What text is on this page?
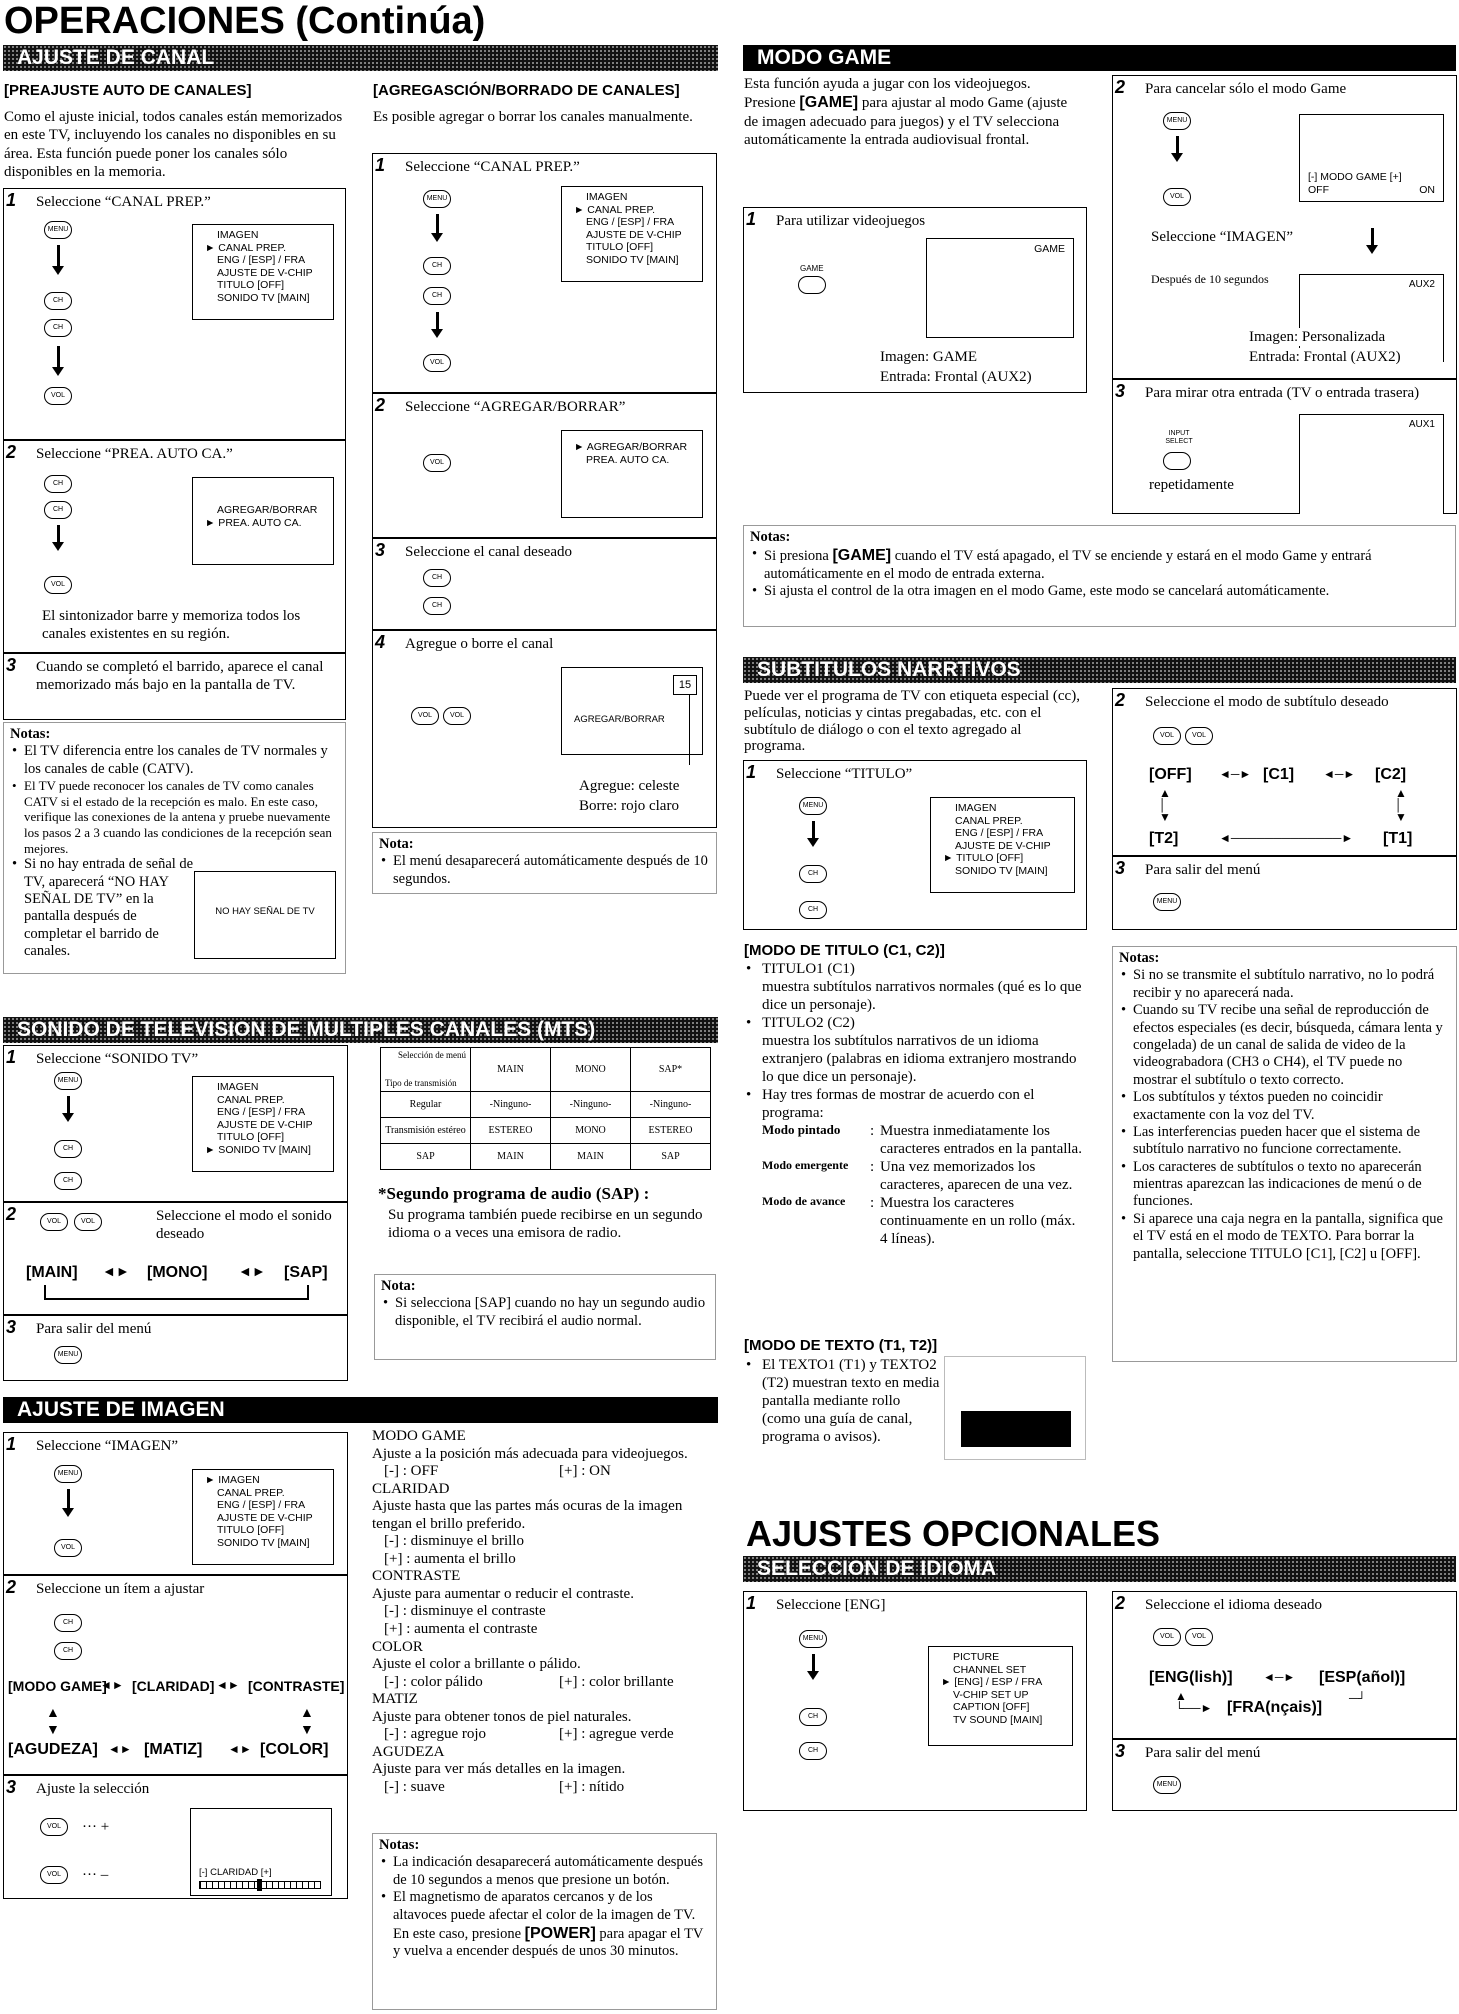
OPERACIONES (Continúa)
AJUSTE DE CANAL
[PREAJUSTE AUTO DE CANALES]
Como el ajuste inicial, todos canales están memorizados en este TV, incluyendo los canales no disponibles en su área. Esta función puede poner los canales sólo disponibles en la memoria.
1 Seleccione “CANAL PREP.”
MENU
CH
CH
VOL
IMAGEN
► CANAL PREP.
ENG / [ESP] / FRA
AJUSTE DE V-CHIP
TITULO [OFF]
SONIDO TV [MAIN]
2 Seleccione “PREA. AUTO CA.”
CH
CH
VOL
AGREGAR/BORRAR
► PREA. AUTO CA.
El sintonizador barre y memoriza todos los canales existentes en su región.
3 Cuando se completó el barrido, aparece el canal memorizado más bajo en la pantalla de TV.
Notas:
• El TV diferencia entre los canales de TV normales y los canales de cable (CATV).
• El TV puede reconocer los canales de TV como canales CATV si el estado de la recepción es malo. En este caso, verifique las conexiones de la antena y pruebe nuevamente los pasos 2 a 3 cuando las condiciones de la recepción sean mejores.
• Si no hay entrada de señal de TV, aparecerá “NO HAY SEÑAL DE TV” en la pantalla después de completar el barrido de canales.
NO HAY SEÑAL DE TV
[AGREGASCIÓN/BORRADO DE CANALES]
Es posible agregar o borrar los canales manualmente.
1 Seleccione “CANAL PREP.”
MENU
CH
CH
VOL
IMAGEN
► CANAL PREP.
ENG / [ESP] / FRA
AJUSTE DE V-CHIP
TITULO [OFF]
SONIDO TV [MAIN]
2 Seleccione “AGREGAR/BORRAR”
VOL
► AGREGAR/BORRAR
PREA. AUTO CA.
3 Seleccione el canal deseado
CH
CH
4 Agregue o borre el canal
VOL	VOL	AGREGAR/BORRAR
15
Agregue: celeste
Borre: rojo claro
Nota:
• El menú desaparecerá automáticamente después de 10 segundos.
SONIDO DE TELEVISION DE MULTIPLES CANALES (MTS)
1 Seleccione “SONIDO TV”
MENU
CH
CH
IMAGEN
CANAL PREP.
ENG / [ESP] / FRA
AJUSTE DE V-CHIP
TITULO [OFF]
► SONIDO TV [MAIN]
2	VOL	VOL	Seleccione el modo el sonido deseado
[MAIN] ◄► [MONO] ◄► [SAP]
3 Para salir del menú
MENU
Selección de menú
Tipo de transmisión	MAIN	MONO	SAP*
Regular	-Ninguno-	-Ninguno-	-Ninguno-
Transmisión estéreo	ESTEREO	MONO	ESTEREO
SAP	MAIN	MAIN	SAP
*Segundo programa de audio (SAP) :
Su programa también puede recibirse en un segundo idioma o a veces una emisora de radio.
Nota:
• Si selecciona [SAP] cuando no hay un segundo audio disponible, el TV recibirá el audio normal.
AJUSTE DE IMAGEN
1 Seleccione “IMAGEN”
MENU
VOL
► IMAGEN
CANAL PREP.
ENG / [ESP] / FRA
AJUSTE DE V-CHIP
TITULO [OFF]
SONIDO TV [MAIN]
2 Seleccione un ítem a ajustar
CH
CH
[MODO GAME]
◄► [CLARIDAD] ◄► [CONTRASTE]
▲
▼
▲
▼
[AGUDEZA] ◄► [MATIZ] ◄► [COLOR]
3 Ajuste la selección
VOL	··· +
VOL	··· –	[-] CLARIDAD [+]
MODO GAME
Ajuste a la posición más adecuada para videojuegos.
[-] : OFF	[+] : ON
CLARIDAD
Ajuste hasta que las partes más ocuras de la imagen tengan el brillo preferido.
[-] : disminuye el brillo
[+] : aumenta el brillo
CONTRASTE
Ajuste para aumentar o reducir el contraste.
[-] : disminuye el contraste
[+] : aumenta el contraste
COLOR
Ajuste el color a brillante o pálido.
[-] : color pálido	[+] : color brillante
MATIZ
Ajuste para obtener tonos de piel naturales.
[-] : agregue rojo	[+] : agregue verde
AGUDEZA
Ajuste para ver más detalles en la imagen.
[-] : suave	[+] : nítido
Notas:
• La indicación desaparecerá automáticamente después de 10 segundos a menos que presione un botón.
• El magnetismo de aparatos cercanos y de los altavoces puede afectar el color de la imagen de TV. En este caso, presione [POWER] para apagar el TV y vuelva a encender después de unos 30 minutos.
MODO GAME
Esta función ayuda a jugar con los videojuegos. Presione [GAME] para ajustar al modo Game (ajuste de imagen adecuado para juegos) y el TV selecciona automáticamente la entrada audiovisual frontal.
1 Para utilizar videojuegos
GAME
GAME
Imagen: GAME
Entrada: Frontal (AUX2)
2 Para cancelar sólo el modo Game
MENU
VOL
[-] MODO GAME [+]
OFF	ON
Seleccione “IMAGEN”
Después de 10 segundos	AUX2
Imagen: Personalizada
Entrada: Frontal (AUX2)
3 Para mirar otra entrada (TV o entrada trasera)
AUX1
INPUT SELECT
repetidamente
Notas:
• Si presiona [GAME] cuando el TV está apagado, el TV se enciende y estará en el modo Game y entrará automáticamente en el modo de entrada externa.
• Si ajusta el control de la otra imagen en el modo Game, este modo se cancelará automáticamente.
SUBTITULOS NARRTIVOS
Puede ver el programa de TV con etiqueta especial (cc), películas, noticias y cintas pregabadas, etc. con el subtítulo de diálogo o con el texto agregado al programa.
1 Seleccione “TITULO”
MENU
CH
CH
IMAGEN
CANAL PREP.
ENG / [ESP] / FRA
AJUSTE DE V-CHIP
► TITULO [OFF]
SONIDO TV [MAIN]
2 Seleccione el modo de subtítulo deseado
VOL	VOL
[OFF] ◄─► [C1] ◄─► [C2]
▲
│
▼
▲
│
▼
[T2]	◄─────────────► [T1]
3 Para salir del menú
MENU
[MODO DE TITULO (C1, C2)]
• TITULO1 (C1)
muestra subtítulos narrativos normales (qué es lo que dice un personaje).
• TITULO2 (C2)
muestra los subtítulos narrativos de un idioma extranjero (palabras en idioma extranjero mostrando lo que dice un personaje).
• Hay tres formas de mostrar de acuerdo con el programa:
Modo pintado	: Muestra inmediatamente los caracteres entrados en la pantalla.
Modo emergente	: Una vez memorizados los caracteres, aparecen de una vez.
Modo de avance	: Muestra los caracteres continuamente en un rollo (máx. 4 líneas).
[MODO DE TEXTO (T1, T2)]
• El TEXTO1 (T1) y TEXTO2 (T2) muestran texto en media pantalla mediante rollo (como una guía de canal, programa o avisos).
Notas:
• Si no se transmite el subtítulo narrativo, no lo podrá recibir y no aparecerá nada.
• Cuando su TV recibe una señal de reproducción de efectos especiales (es decir, búsqueda, cámara lenta y congelada) de un canal de salida de video de la videograbadora (CH3 o CH4), el TV puede no mostrar el subtítulo o texto correcto.
• Los subtítulos y téxtos pueden no coincidir exactamente con la voz del TV.
• Las interferencias pueden hacer que el sistema de subtítulo narrativo no funcione correctamente.
• Los caracteres de subtítulos o texto no aparecerán mientras aparezcan las indicaciones de menú o de funciones.
• Si aparece una caja negra en la pantalla, significa que el TV está en el modo de TEXTO. Para borrar la pantalla, seleccione TITULO [C1], [C2] u [OFF].
AJUSTES OPCIONALES
SELECCION DE IDIOMA
1 Seleccione [ENG]
MENU
CH
CH
PICTURE
CHANNEL SET
► [ENG] / ESP / FRA
V-CHIP SET UP
CAPTION [OFF]
TV SOUND [MAIN]
2 Seleccione el idioma deseado
VOL	VOL
[ENG(lish)]	◄─► [ESP(añol)]
▲
└──► [FRA(nçais)]
─┘
3 Para salir del menú
MENU
